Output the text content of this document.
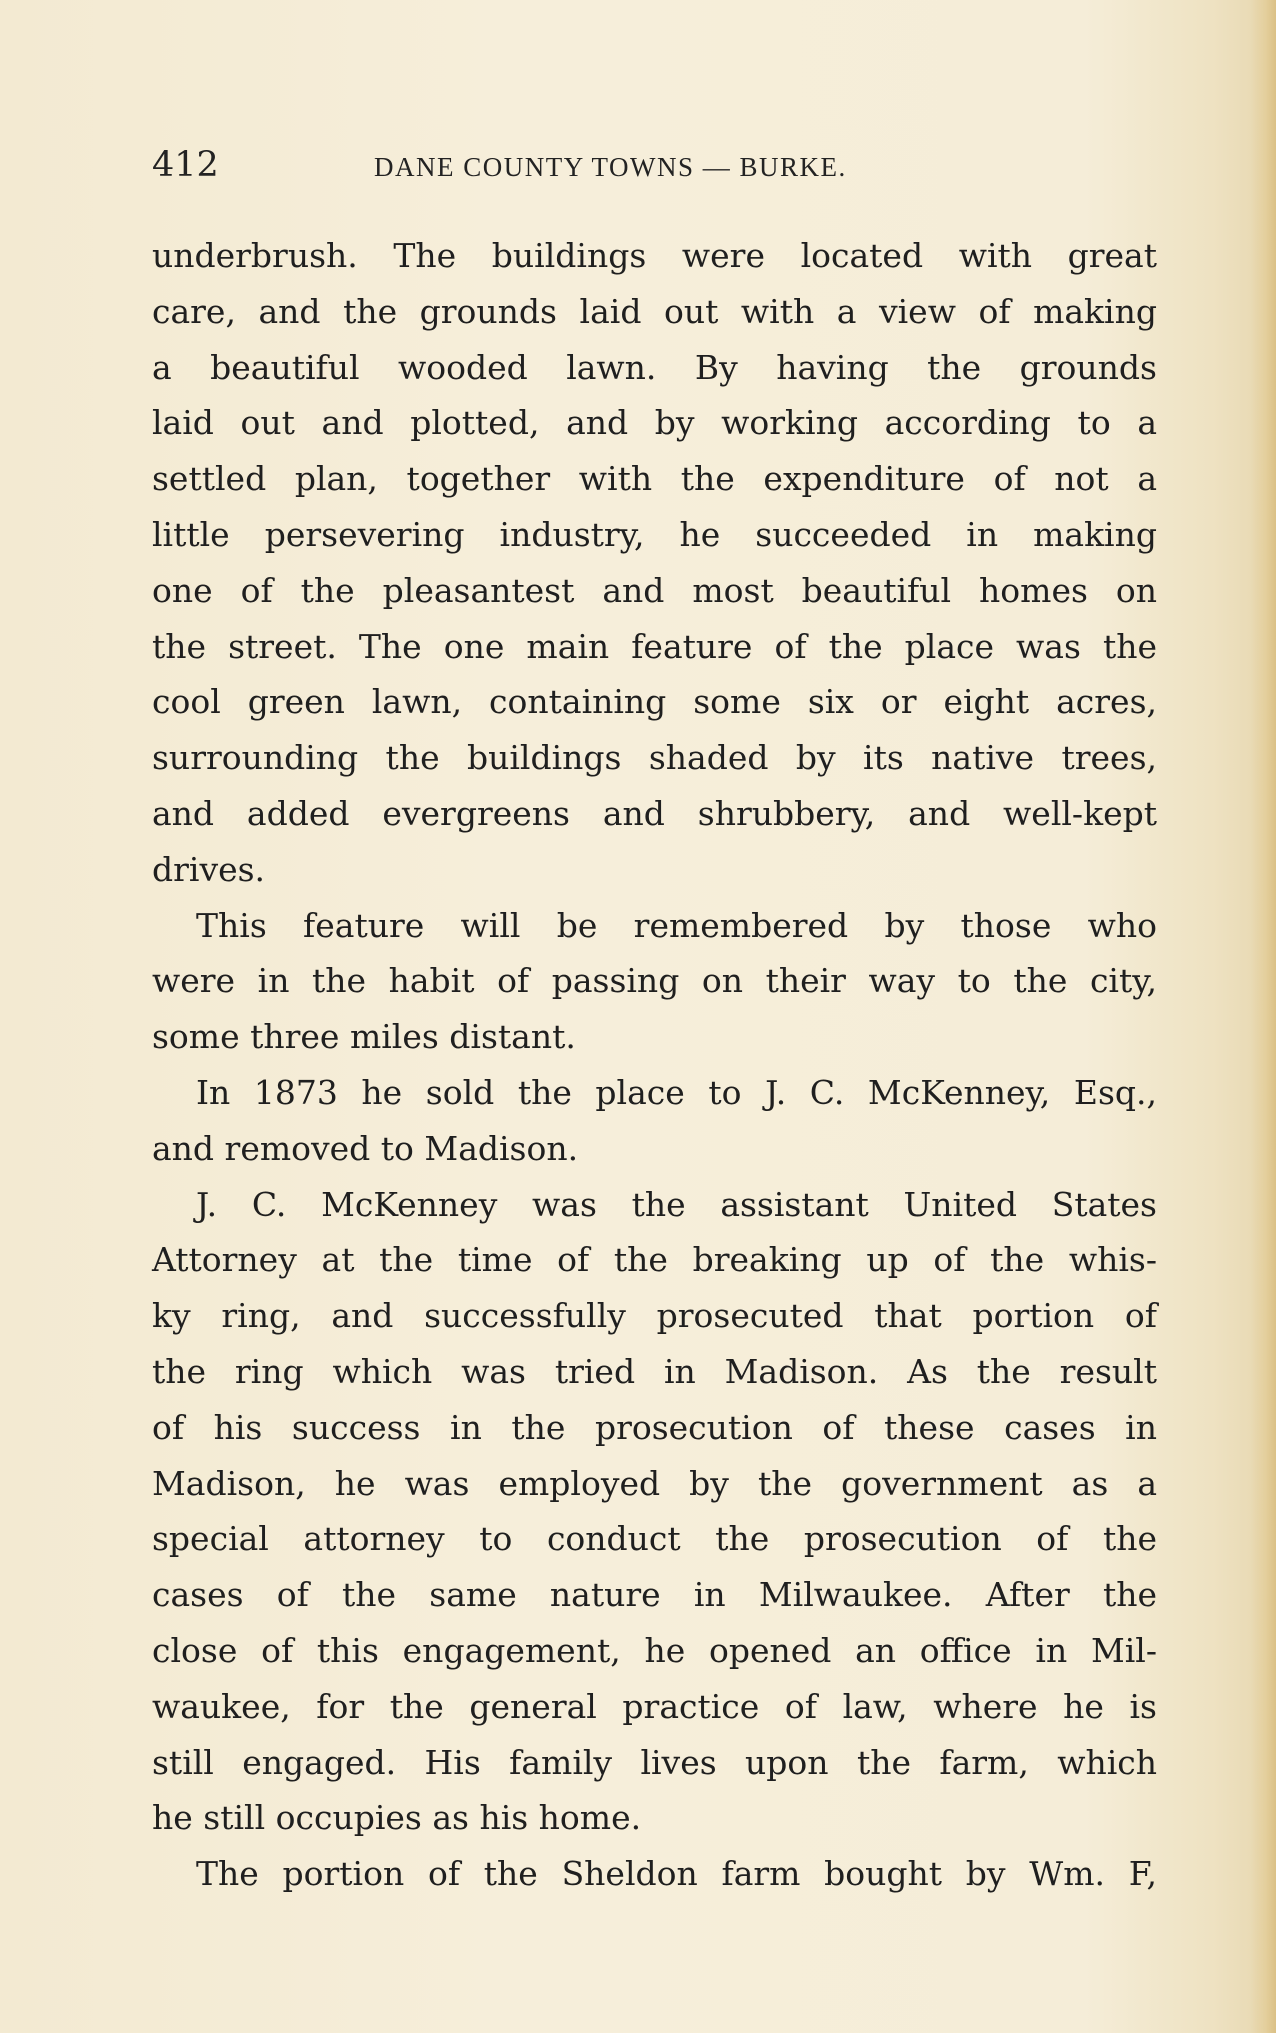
412	DANE COUNTY TOWNS — BURKE.
underbrush. The buildings were located with great
care, and the grounds laid out with a view of making
a beautiful wooded lawn. By having the grounds
laid out and plotted, and by working according to a
settled plan, together with the expenditure of not a
little persevering industry, he succeeded in making
one of the pleasantest and most beautiful homes on
the street. The one main feature of the place was the
cool green lawn, containing some six or eight acres,
surrounding the buildings shaded by its native trees,
and added evergreens and shrubbery, and well-kept
drives.
This feature will be remembered by those who
were in the habit of passing on their way to the city,
some three miles distant.
In 1873 he sold the place to J. C. McKenney, Esq.,
and removed to Madison.
J. C. McKenney was the assistant United States
Attorney at the time of the breaking up of the whis-
ky ring, and successfully prosecuted that portion of
the ring which was tried in Madison. As the result
of his success in the prosecution of these cases in
Madison, he was employed by the government as a
special attorney to conduct the prosecution of the
cases of the same nature in Milwaukee. After the
close of this engagement, he opened an office in Mil-
waukee, for the general practice of law, where he is
still engaged. His family lives upon the farm, which
he still occupies as his home.
The portion of the Sheldon farm bought by Wm. F,
